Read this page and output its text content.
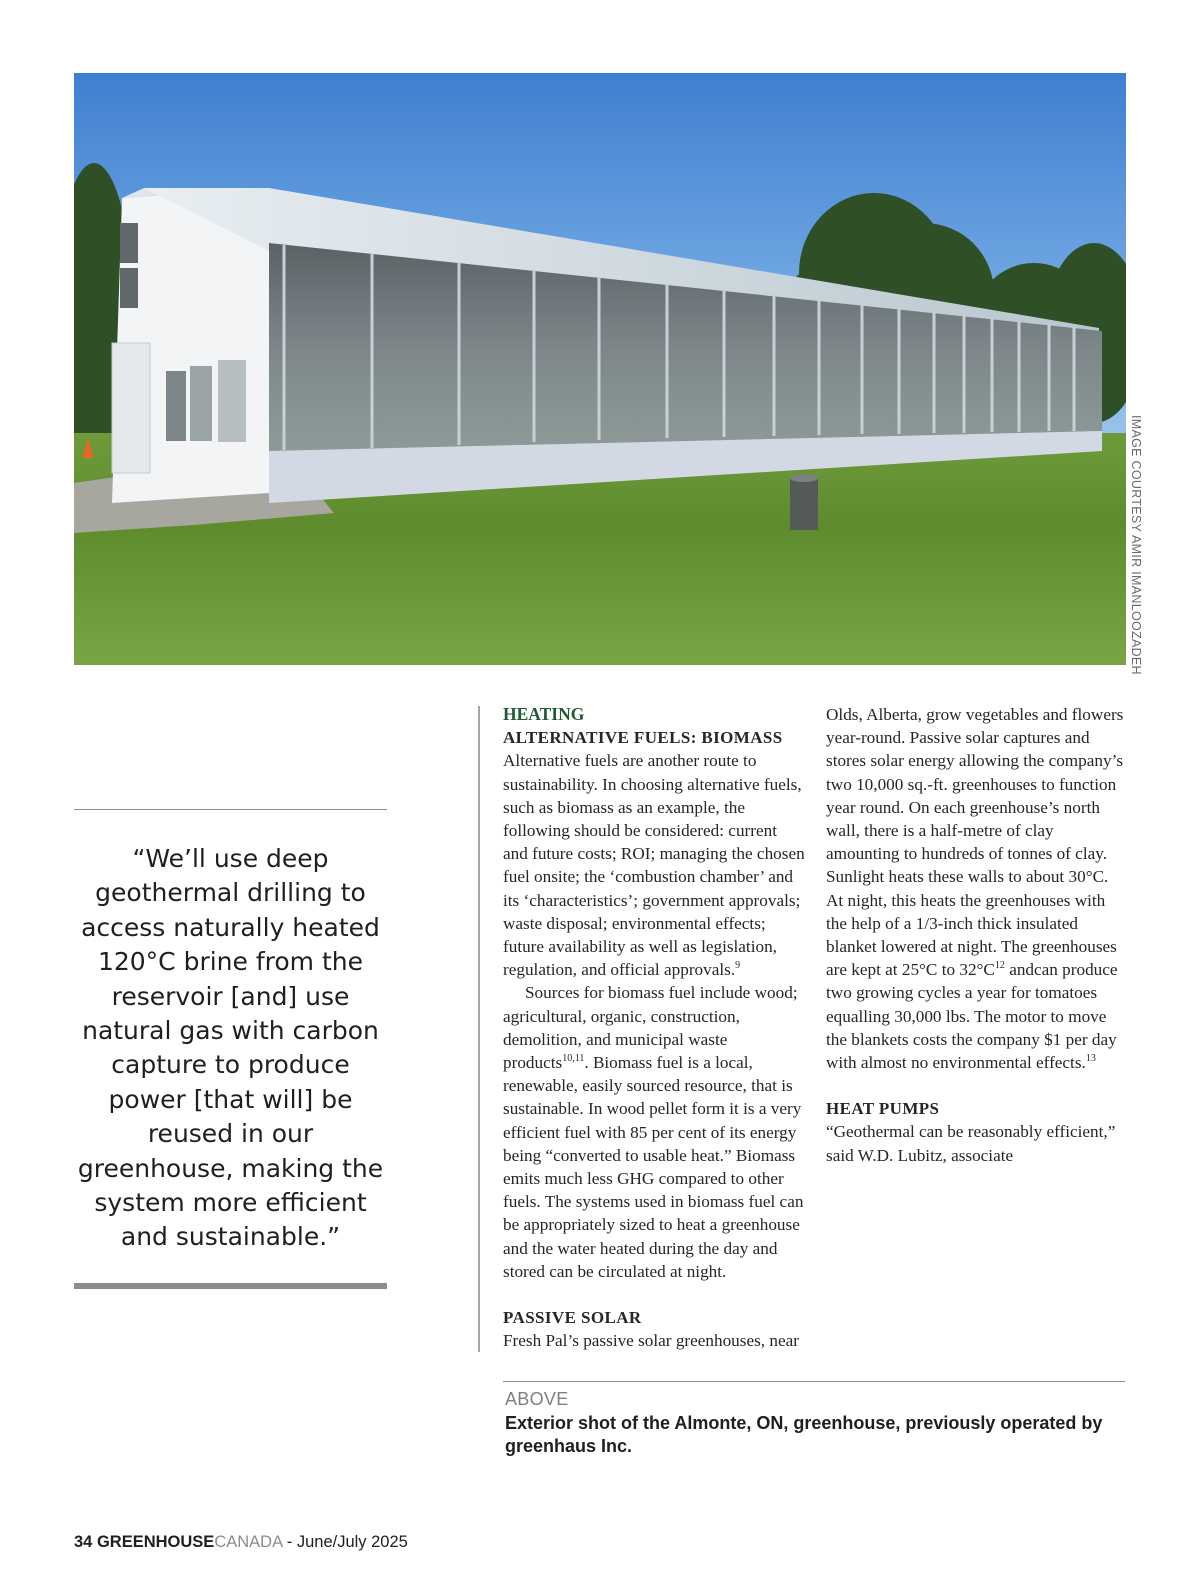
IMAGE COURTESY AMIR IMANLOOZADEH

“We’ll use deep geothermal drilling to access naturally heated 120°C brine from the reservoir [and] use natural gas with carbon capture to produce power [that will] be reused in our greenhouse, making the system more efficient and sustainable.”

HEATING

ALTERNATIVE FUELS: BIOMASS

Alternative fuels are another route to sustainability. In choosing alternative fuels, such as biomass as an example, the following should be considered: current and future costs; ROI; managing the chosen fuel onsite; the ‘combustion chamber’ and its ‘characteristics’; government approvals; waste disposal; environmental effects; future availability as well as legislation, regulation, and official approvals.$^9$

Sources for biomass fuel include wood; agricultural, organic, construction, demolition, and municipal waste products$^{10,11}$. Biomass fuel is a local, renewable, easily sourced resource, that is sustainable. In wood pellet form it is a very efficient fuel with 85 per cent of its energy being “converted to usable heat.” Biomass emits much less GHG compared to other fuels. The systems used in biomass fuel can be appropriately sized to heat a greenhouse and the water heated during the day and stored can be circulated at night.

PASSIVE SOLAR

Fresh Pal’s passive solar greenhouses, near

Olds, Alberta, grow vegetables and flowers year-round. Passive solar captures and stores solar energy allowing the company’s two 10,000 sq.-ft. greenhouses to function year round. On each greenhouse’s north wall, there is a half-metre of clay amounting to hundreds of tonnes of clay. Sunlight heats these walls to about 30°C. At night, this heats the greenhouses with the help of a 1/3-inch thick insulated blanket lowered at night. The greenhouses are kept at 25°C to $32^\circ C^{12}$ andcan produce two growing cycles a year for tomatoes equalling 30,000 lbs. The motor to move the blankets costs the company $1 per day with almost no environmental effects.$^{13}$

HEAT PUMPS

“Geothermal can be reasonably efficient,” said W.D. Lubitz, associate

ABOVE

Exterior shot of the Almonte, ON, greenhouse, previously operated by greenhaus Inc.

34 GREENHOUSECANADA - June/July 2025
